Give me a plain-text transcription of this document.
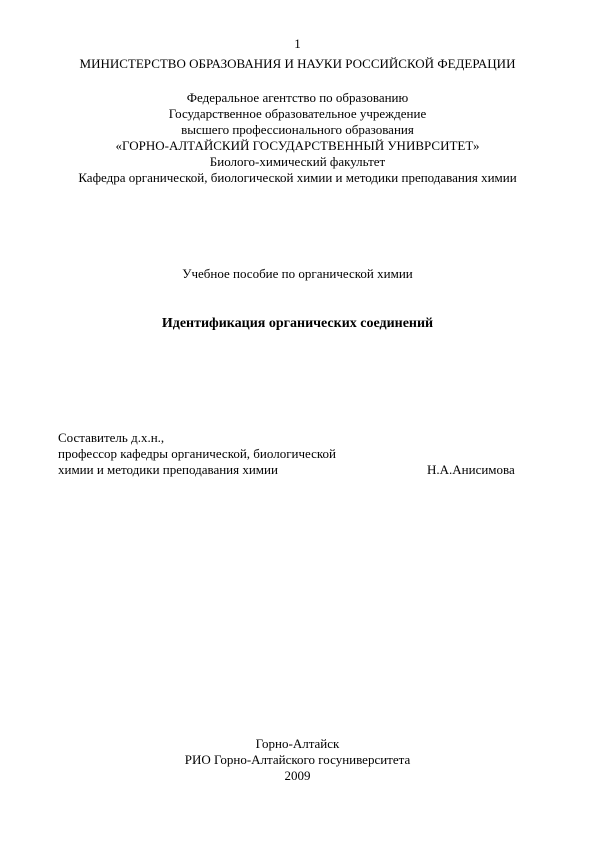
1
МИНИСТЕРСТВО ОБРАЗОВАНИЯ И НАУКИ РОССИЙСКОЙ ФЕДЕРАЦИИ
Федеральное агентство по образованию
Государственное образовательное учреждение
высшего профессионального образования
«ГОРНО-АЛТАЙСКИЙ ГОСУДАРСТВЕННЫЙ УНИВРСИТЕТ»
Биолого-химический факультет
Кафедра органической, биологической химии и методики преподавания химии
Учебное пособие по органической химии
Идентификация органических соединений
Составитель д.х.н.,
профессор кафедры органической, биологической
химии и методики преподавания химии	Н.А.Анисимова
Горно-Алтайск
РИО Горно-Алтайского госуниверситета
2009
